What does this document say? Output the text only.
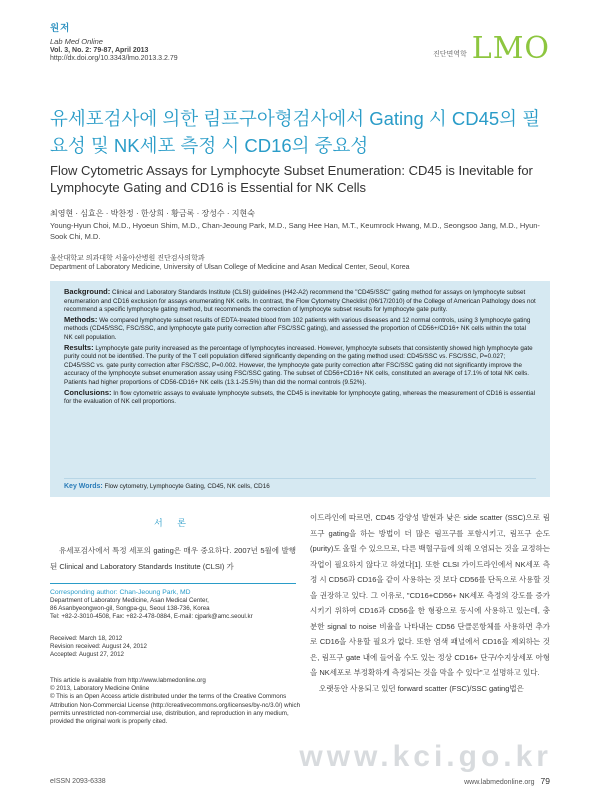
원저
Lab Med Online
Vol. 3, No. 2: 79-87, April 2013
http://dx.doi.org/10.3343/lmo.2013.3.2.79
진단면역학 LMO
유세포검사에 의한 림프구아형검사에서 Gating 시 CD45의 필요성 및 NK세포 측정 시 CD16의 중요성
Flow Cytometric Assays for Lymphocyte Subset Enumeration: CD45 is Inevitable for Lymphocyte Gating and CD16 is Essential for NK Cells
최영현 · 심효은 · 박찬정 · 한상희 · 황금록 · 장성수 · 지현숙
Young-Hyun Choi, M.D., Hyoeun Shim, M.D., Chan-Jeoung Park, M.D., Sang Hee Han, M.T., Keumrock Hwang, M.D., Seongsoo Jang, M.D., Hyun-Sook Chi, M.D.
울산대학교 의과대학 서울아산병원 진단검사의학과
Department of Laboratory Medicine, University of Ulsan College of Medicine and Asan Medical Center, Seoul, Korea

Background: Clinical and Laboratory Standards Institute (CLSI) guidelines (H42-A2) recommend the "CD45/SSC" gating method for assays on lymphocyte subset enumeration and CD16 exclusion for assays enumerating NK cells. In contrast, the Flow Cytometry Checklist (06/17/2010) of the College of American Pathology does not recommend a specific lymphocyte gating method, but recommends the correction of lymphocyte subset results for lymphocyte gate purity.

Methods: We compared lymphocyte subset results of EDTA-treated blood from 102 patients with various diseases and 12 normal controls, using 3 lymphocyte gating methods (CD45/SSC, FSC/SSC, and lymphocyte gate purity correction after FSC/SSC gating), and assessed the proportion of CD56+/CD16+ NK cells within the total NK cell population.

Results: Lymphocyte gate purity increased as the percentage of lymphocytes increased. However, lymphocyte subsets that consistently showed high lymphocyte gate purity could not be identified. The purity of the T cell population differed significantly depending on the gating method used: CD45/SSC vs. FSC/SSC, P=0.027; CD45/SSC vs. gate purity correction after FSC/SSC, P=0.002. However, the lymphocyte gate purity correction after FSC/SSC gating did not significantly improve the accuracy of the lymphocyte subset enumeration assay using FSC/SSC gating. The subset of CD56+CD16+ NK cells, constituted an average of 17.1% of total NK cells. Patients had higher proportions of CD56-CD16+ NK cells (13.1-25.5%) than did the normal controls (9.52%).

Conclusions: In flow cytometric assays to evaluate lymphocyte subsets, the CD45 is inevitable for lymphocyte gating, whereas the measurement of CD16 is essential for the evaluation of NK cell proportions.

Key Words: Flow cytometry, Lymphocyte Gating, CD45, NK cells, CD16
서 론

유세포검사에서 특정 세포의 gating은 매우 중요하다. 2007년 5월에 발행된 Clinical and Laboratory Standards Institute (CLSI) 가

Corresponding author: Chan-Jeoung Park, MD
Department of Laboratory Medicine, Asan Medical Center,
86 Asanbyeongwon-gil, Songpa-gu, Seoul 138-736, Korea
Tel: +82-2-3010-4508, Fax: +82-2-478-0884, E-mail: cjpark@amc.seoul.kr
Received: March 18, 2012
Revision received: August 24, 2012
Accepted: August 27, 2012
This article is available from http://www.labmedonline.org
© 2013, Laboratory Medicine Online
© This is an Open Access article distributed under the terms of the Creative Commons Attribution Non-Commercial License (http://creativecommons.org/licenses/by-nc/3.0/) which permits unrestricted non-commercial use, distribution, and reproduction in any medium, provided the original work is properly cited.

이드라인에 따르면, CD45 강양성 발현과 낮은 side scatter (SSC)으로 림프구 gating을 하는 방법이 더 많은 림프구를 포함시키고, 림프구 순도(purity)도 올릴 수 있으므로, 다른 백혈구들에 의해 오염되는 것을 교정하는 작업이 필요하지 않다고 하였다[1]. 또한 CLSI 가이드라인에서 NK세포 측정 시 CD56과 CD16을 같이 사용하는 것 보다 CD56를 단독으로 사용할 것을 권장하고 있다. 그 이유로, "CD16+CD56+ NK세포 측정의 강도를 증가시키기 위하여 CD16과 CD56을 한 형광으로 동시에 사용하고 있는데, 충분한 signal to noise 비율을 나타내는 CD56 단클론항체를 사용하면 추가로 CD16을 사용할 필요가 없다. 또한 염색 패널에서 CD16을 제외하는 것은, 림프구 gate 내에 들어올 수도 있는 정상 CD16+ 단구/수지상세포 아형을 NK세포로 부정확하게 측정되는 것을 막을 수 있다"고 설명하고 있다.

오랫동안 사용되고 있던 forward scatter (FSC)/SSC gating법은

www.kci.go.kr
eISSN 2093-6338	www.labmedonline.org 79
